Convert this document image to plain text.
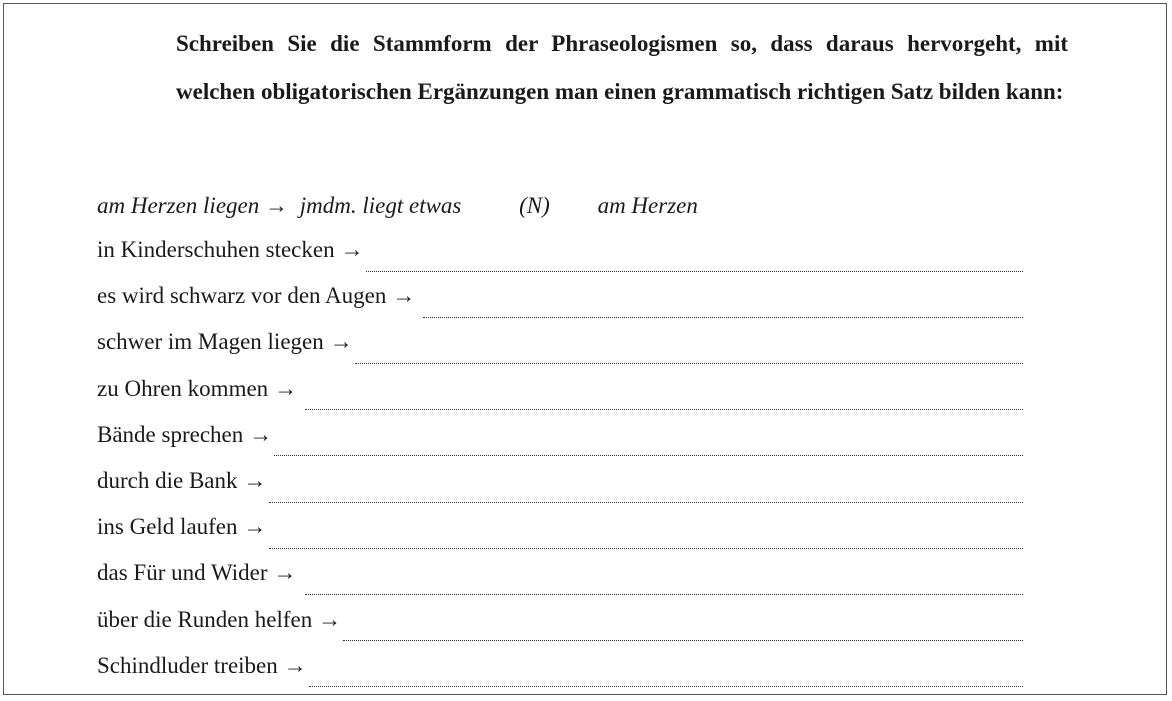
Schreiben Sie die Stammform der Phraseologismen so, dass daraus hervorgeht, mit welchen obligatorischen Ergänzungen man einen grammatisch richtigen Satz bilden kann:

am Herzen liegen → jmdm. liegt etwas	(N) am Herzen
in Kinderschuhen stecken →
es wird schwarz vor den Augen →
schwer im Magen liegen →
zu Ohren kommen →
Bände sprechen →
durch die Bank →
ins Geld laufen →
das Für und Wider →
über die Runden helfen →
Schindluder treiben →
